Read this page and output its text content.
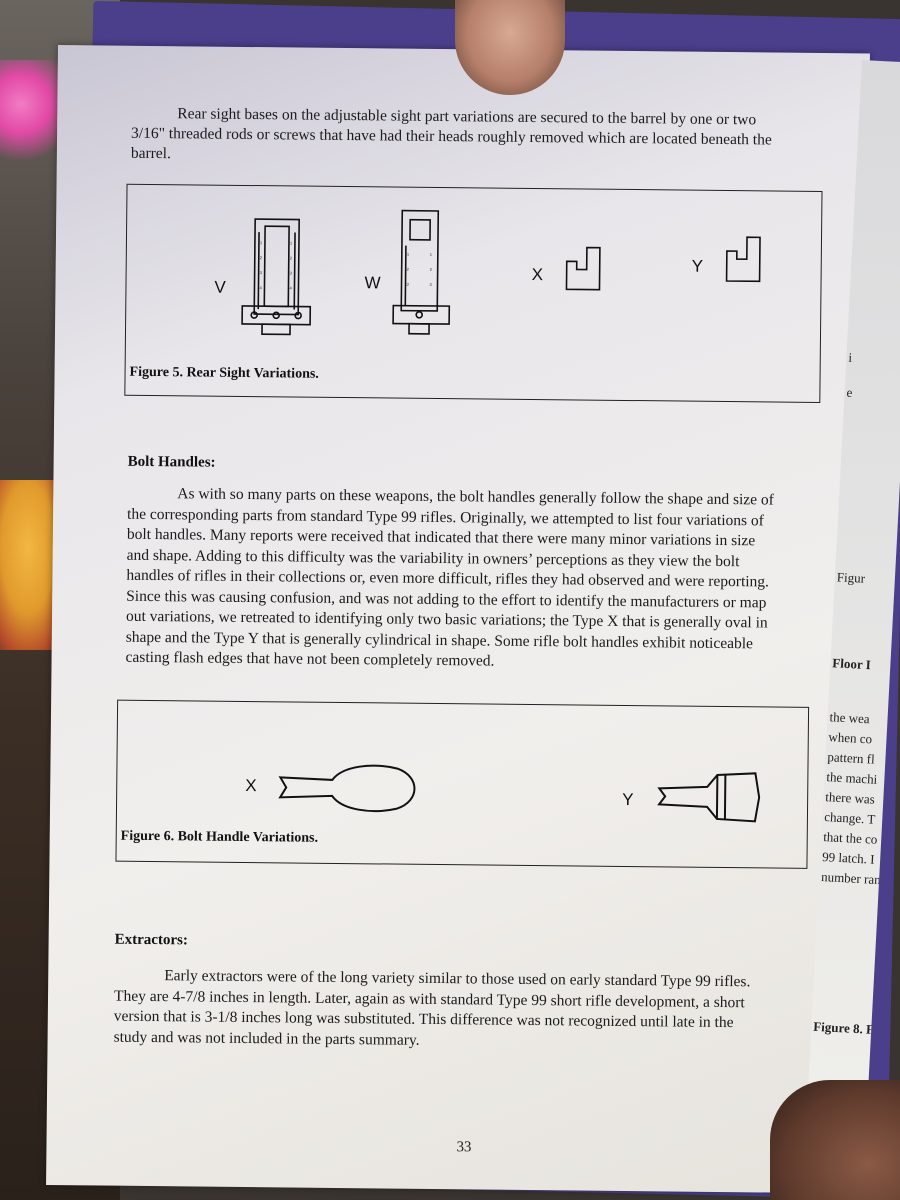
Rear sight bases on the adjustable sight part variations are secured to the barrel by one or two
3/16" threaded rods or screws that have had their heads roughly removed which are located beneath the
barrel.
V	W	X	Y
1
2
3
4
1
2
3
4
1
2
3
1
2
3
Figure 5. Rear Sight Variations.
Bolt Handles:
As with so many parts on these weapons, the bolt handles generally follow the shape and size of
the corresponding parts from standard Type 99 rifles. Originally, we attempted to list four variations of
bolt handles. Many reports were received that indicated that there were many minor variations in size
and shape. Adding to this difficulty was the variability in owners’ perceptions as they view the bolt
handles of rifles in their collections or, even more difficult, rifles they had observed and were reporting.
Since this was causing confusion, and was not adding to the effort to identify the manufacturers or map
out variations, we retreated to identifying only two basic variations; the Type X that is generally oval in
shape and the Type Y that is generally cylindrical in shape. Some rifle bolt handles exhibit noticeable
casting flash edges that have not been completely removed.
X
Y
Figure 6. Bolt Handle Variations.
Extractors:
Early extractors were of the long variety similar to those used on early standard Type 99 rifles.
They are 4-7/8 inches in length. Later, again as with standard Type 99 short rifle development, a short
version that is 3-1/8 inches long was substituted. This difference was not recognized until late in the
study and was not included in the parts summary.
33
i
e
Figur
Floor I
the wea
when co
pattern fl
the machi
there was
change. T
that the co
99 latch. I
number ran
Figure 8. Floor
